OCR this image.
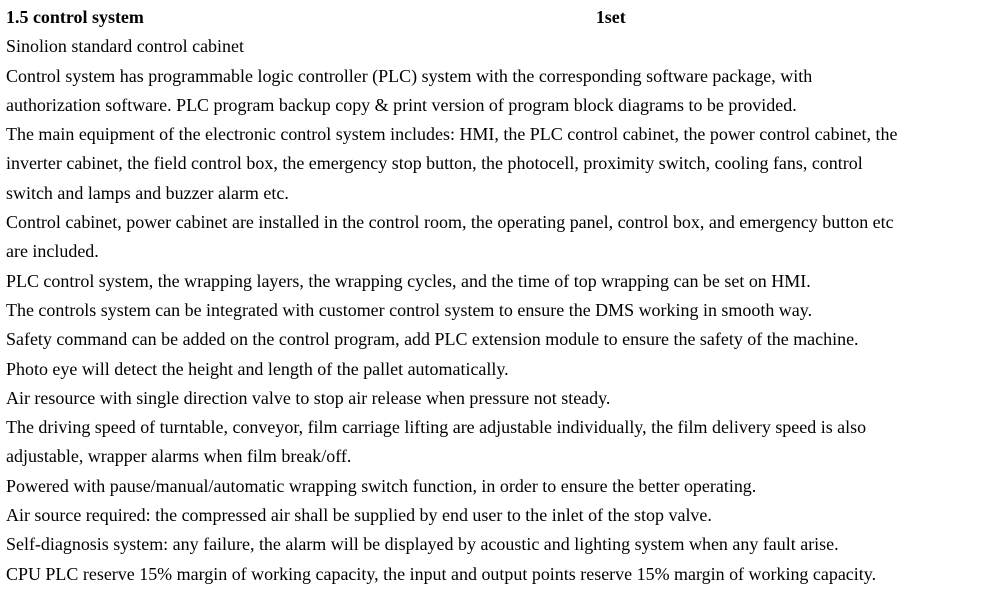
1.5 control system	1set
Sinolion standard control cabinet
Control system has programmable logic controller (PLC) system with the corresponding software package, with
authorization software. PLC program backup copy & print version of program block diagrams to be provided.
The main equipment of the electronic control system includes: HMI, the PLC control cabinet, the power control cabinet, the
inverter cabinet, the field control box, the emergency stop button, the photocell, proximity switch, cooling fans, control
switch and lamps and buzzer alarm etc.
Control cabinet, power cabinet are installed in the control room, the operating panel, control box, and emergency button etc
are included.
PLC control system, the wrapping layers, the wrapping cycles, and the time of top wrapping can be set on HMI.
The controls system can be integrated with customer control system to ensure the DMS working in smooth way.
Safety command can be added on the control program, add PLC extension module to ensure the safety of the machine.
Photo eye will detect the height and length of the pallet automatically.
Air resource with single direction valve to stop air release when pressure not steady.
The driving speed of turntable, conveyor, film carriage lifting are adjustable individually, the film delivery speed is also
adjustable, wrapper alarms when film break/off.
Powered with pause/manual/automatic wrapping switch function, in order to ensure the better operating.
Air source required: the compressed air shall be supplied by end user to the inlet of the stop valve.
Self-diagnosis system: any failure, the alarm will be displayed by acoustic and lighting system when any fault arise.
CPU PLC reserve 15% margin of working capacity, the input and output points reserve 15% margin of working capacity.
